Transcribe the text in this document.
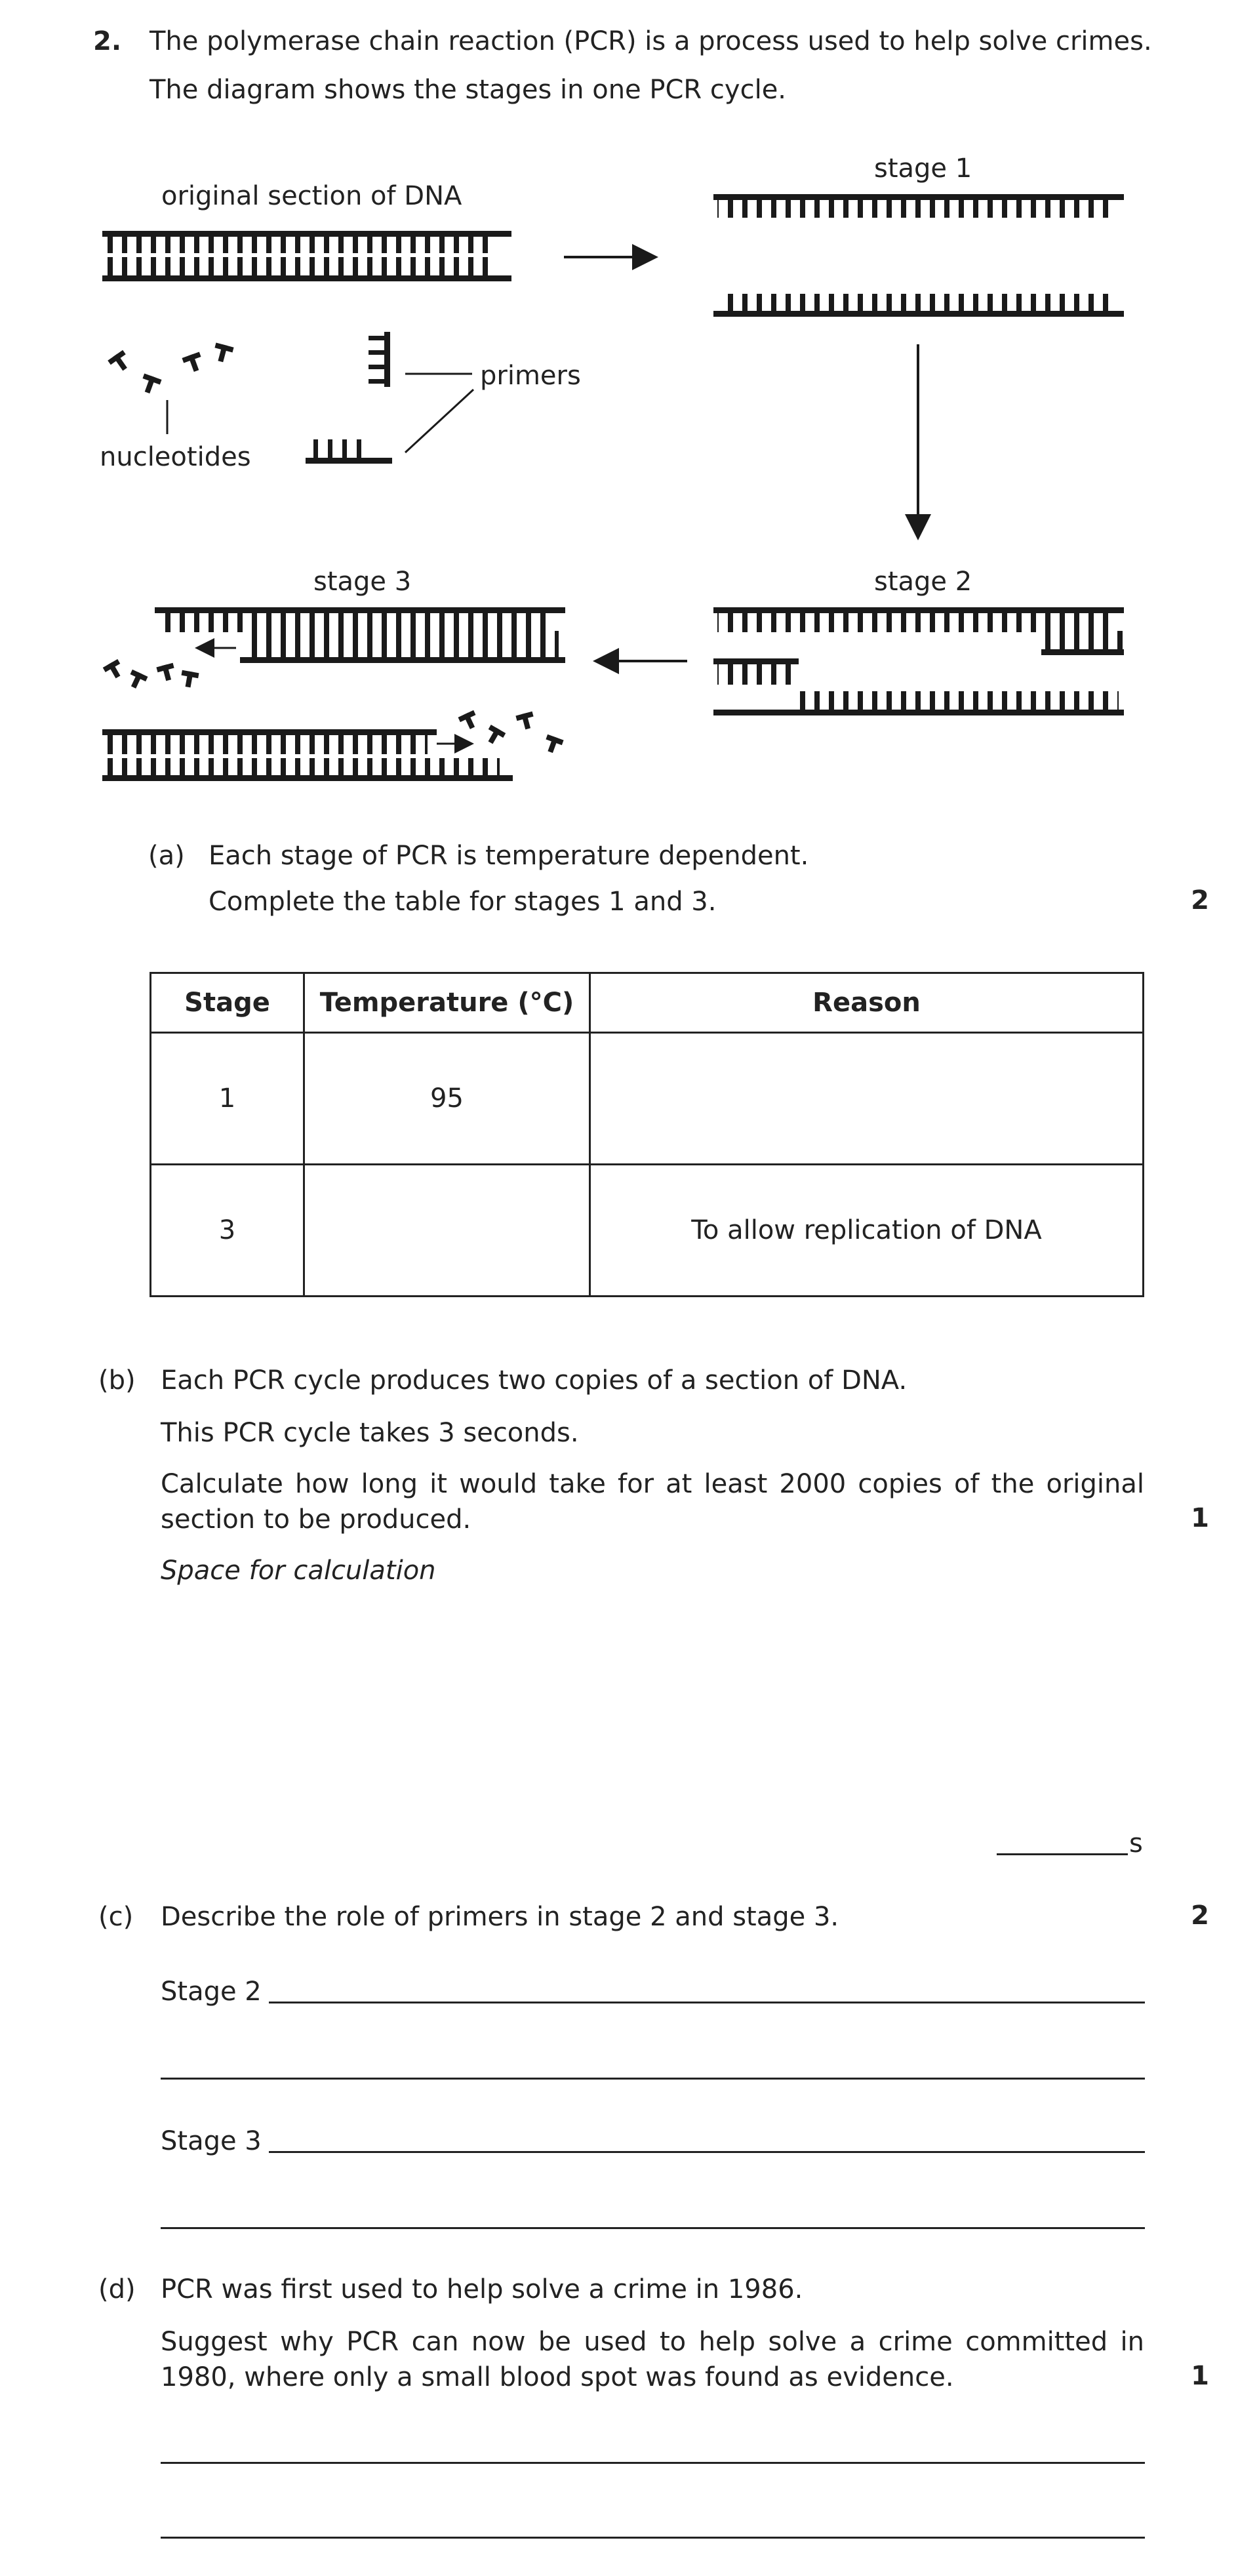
2. The polymerase chain reaction (PCR) is a process used to help solve crimes.
The diagram shows the stages in one PCR cycle.
original section of DNA
stage 1
primers
nucleotides
stage 2
stage 3
(a) Each stage of PCR is temperature dependent.
Complete the table for stages 1 and 3.	2
Stage	Temperature (°C)	Reason
1	95	
3		To allow replication of DNA
(b) Each PCR cycle produces two copies of a section of DNA.
This PCR cycle takes 3 seconds.
Calculate how long it would take for at least 2000 copies of the original
section to be produced.	1
Space for calculation
s
(c) Describe the role of primers in stage 2 and stage 3.	2
Stage 2
Stage 3
(d) PCR was first used to help solve a crime in 1986.
Suggest why PCR can now be used to help solve a crime committed in
1980, where only a small blood spot was found as evidence.	1
